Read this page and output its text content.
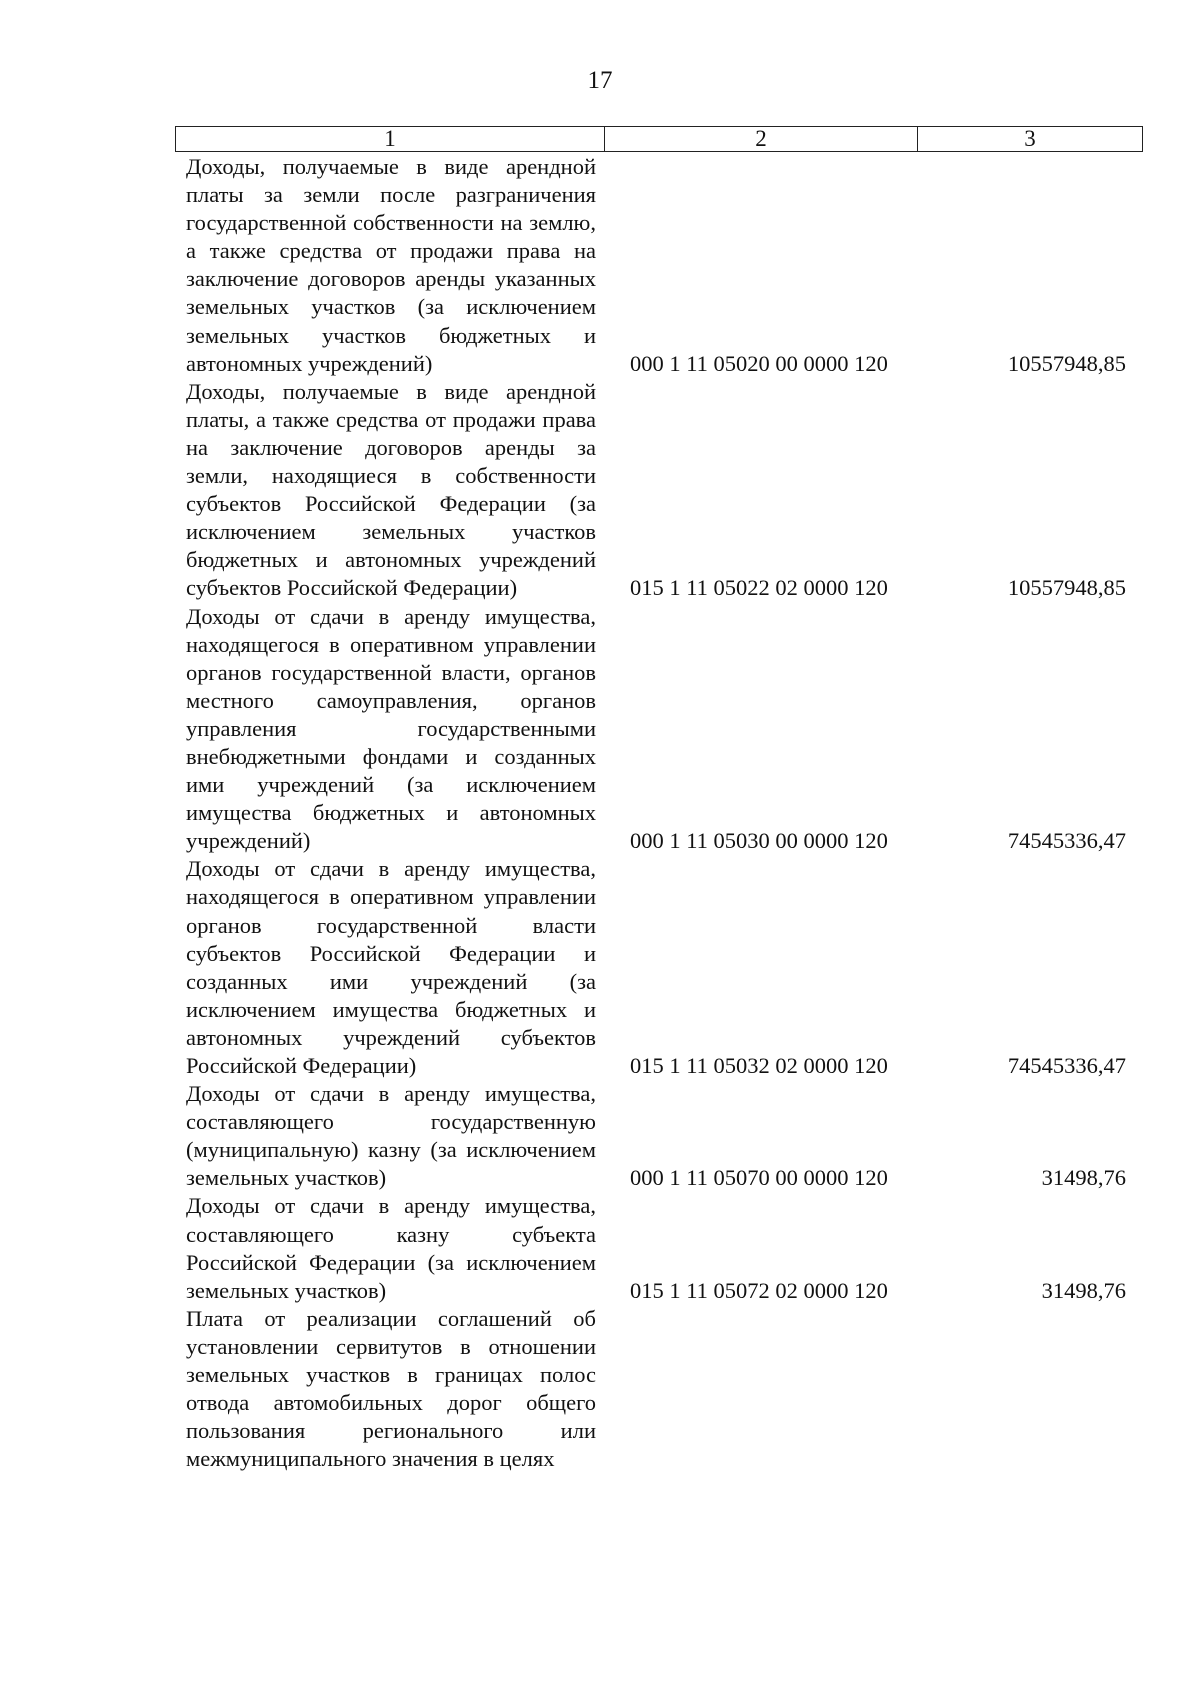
17
1	2	3
Доходы, получаемые в виде арендной платы за земли после разграничения государственной собственности на землю, а также средства от продажи права на заключение договоров аренды указанных земельных участков (за исключением земельных участков бюджетных и автономных учреждений)	000 1 11 05020 00 0000 120	10557948,85
Доходы, получаемые в виде арендной платы, а также средства от продажи права на заключение договоров аренды за земли, находящиеся в собственности субъектов Российской Федерации (за исключением земельных участков бюджетных и автономных учреждений субъектов Российской Федерации)	015 1 11 05022 02 0000 120	10557948,85
Доходы от сдачи в аренду имущества, находящегося в оперативном управлении органов государственной власти, органов местного самоуправления, органов управления государственными внебюджетными фондами и созданных ими учреждений (за исключением имущества бюджетных и автономных учреждений)	000 1 11 05030 00 0000 120	74545336,47
Доходы от сдачи в аренду имущества, находящегося в оперативном управлении органов государственной власти субъектов Российской Федерации и созданных ими учреждений (за исключением имущества бюджетных и автономных учреждений субъектов Российской Федерации)	015 1 11 05032 02 0000 120	74545336,47
Доходы от сдачи в аренду имущества, составляющего государственную (муниципальную) казну (за исключением земельных участков)	000 1 11 05070 00 0000 120	31498,76
Доходы от сдачи в аренду имущества, составляющего казну субъекта Российской Федерации (за исключением земельных участков)	015 1 11 05072 02 0000 120	31498,76
Плата от реализации соглашений об установлении сервитутов в отношении земельных участков в границах полос отвода автомобильных дорог общего пользования регионального или межмуниципального значения в целях
